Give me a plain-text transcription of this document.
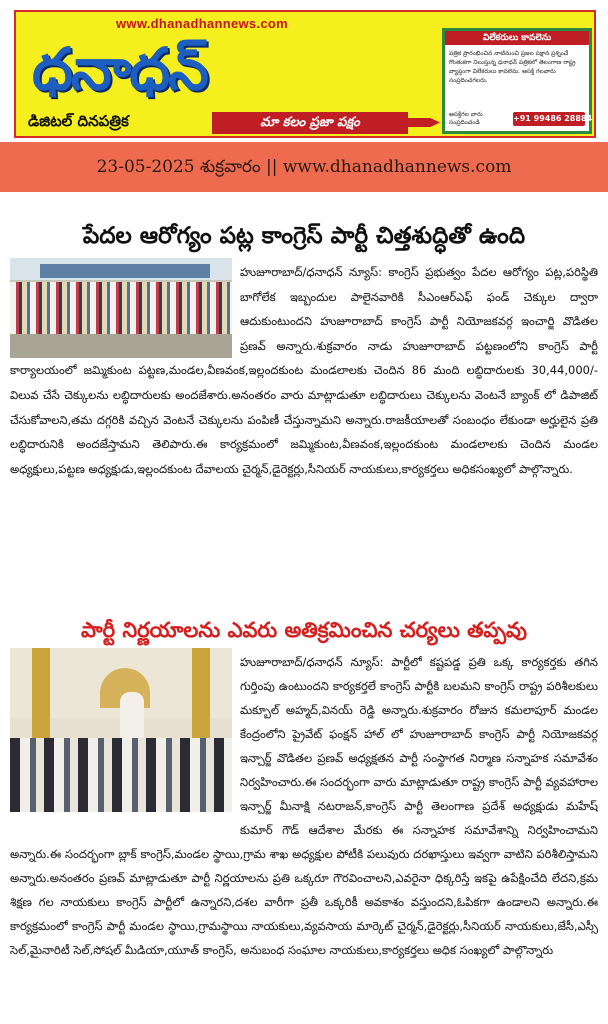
www.dhanadhannews.com
ధనాధన్
డిజిటల్ దినపత్రిక	మా కలం ప్రజా పక్షం
విలేకరులు కావలెను
పత్రిక ప్రారంభించిన నాటినుంచి ప్రజల పక్షాన ప్రశ్నించే గొంతుకగా నిలుస్తున్న ధనాధన్ పత్రికలో తెలంగాణ రాష్ట్ర వ్యాప్తంగా విలేకరులు కావలెను. ఆసక్తి గలవారు సంప్రదించగలరు.
ఆసక్తిగల వారు సంప్రదించండి	+91 99486 28884
23-05-2025 శుక్రవారం || www.dhanadhannews.com
పేదల ఆరోగ్యం పట్ల కాంగ్రెస్ పార్టీ చిత్తశుద్ధితో ఉంది

హుజూరాబాద్/ధనాధన్ న్యూస్: కాంగ్రెస్ ప్రభుత్వం పేదల ఆరోగ్యం పట్ల,పరిస్థితి బాగోలేక ఇబ్బందుల పాలైనవారికి సీఎంఆర్ఎఫ్ ఫండ్ చెక్కుల ద్వారా ఆదుకుంటుందని హుజూరాబాద్ కాంగ్రెస్ పార్టీ నియోజకవర్గ ఇంచార్జి వొడితల ప్రణవ్ అన్నారు.శుక్రవారం నాడు హుజూరాబాద్ పట్టణంలోని కాంగ్రెస్ పార్టీ కార్యాలయంలో జమ్మికుంట పట్టణ,మండల,వీణవంక,ఇల్లందకుంట మండలాలకు చెందిన 86 మంది లబ్ధిదారులకు 30,44,000/- విలువ చేసే చెక్కులను లబ్ధిదారులకు అందజేశారు.అనంతరం వారు మాట్లాడుతూ లబ్ధిదారులు చెక్కులను వెంటనే బ్యాంక్ లో డిపాజిట్ చేసుకోవాలని,తమ దగ్గరికి వచ్చిన వెంటనే చెక్కులను పంపిణీ చేస్తున్నామని అన్నారు.రాజకీయాలతో సంబంధం లేకుండా అర్హులైన ప్రతి లబ్ధిదారునికి అందజేస్తామని తెలిపారు.ఈ కార్యక్రమంలో జమ్మికుంట,వీణవంక,ఇల్లందకుంట మండలాలకు చెందిన మండల అధ్యక్షులు,పట్టణ అధ్యక్షుడు,ఇల్లందకుంట దేవాలయ చైర్మన్,డైరెక్టర్లు,సీనియర్ నాయకులు,కార్యకర్తలు అధికసంఖ్యలో పాల్గొన్నారు.

పార్టీ నిర్ణయాలను ఎవరు అతిక్రమించిన చర్యలు తప్పవు

హుజూరాబాద్/ధనాధన్ న్యూస్: పార్టీలో కష్టపడ్డ ప్రతి ఒక్క కార్యకర్తకు తగిన గుర్తింపు ఉంటుందని కార్యకర్తలే కాంగ్రెస్ పార్టీకి బలమని కాంగ్రెస్ రాష్ట్ర పరిశీలకులు మక్బూల్ అహ్మద్,వినయ్ రెడ్డి అన్నారు.శుక్రవారం రోజున కమలాపూర్ మండల కేంద్రంలోని ప్రైవేట్ ఫంక్షన్ హాల్ లో హుజూరాబాద్ కాంగ్రెస్ పార్టీ నియోజకవర్గ ఇన్చార్జ్ వొడితల ప్రణవ్ అధ్యక్షతన పార్టీ సంస్థాగత నిర్మాణ సన్నాహక సమావేశం నిర్వహించారు.ఈ సందర్భంగా వారు మాట్లాడుతూ రాష్ట్ర కాంగ్రెస్ పార్టీ వ్యవహారాల ఇన్చార్జ్ మీనాక్షి నటరాజన్,కాంగ్రెస్ పార్టీ తెలంగాణ ప్రదేశ్ అధ్యక్షుడు మహేష్ కుమార్ గౌడ్ ఆదేశాల మేరకు ఈ సన్నాహక సమావేశాన్ని నిర్వహించామని అన్నారు.ఈ సందర్భంగా బ్లాక్ కాంగ్రెస్,మండల స్థాయి,గ్రామ శాఖ అధ్యక్షుల పోటీకి పలువురు దరఖాస్తులు ఇవ్వగా వాటిని పరిశీలిస్తామని అన్నారు.అనంతరం ప్రణవ్ మాట్లాడుతూ పార్టీ నిర్ణయాలను ప్రతి ఒక్కరూ గౌరవించాలని,ఎవరైనా ధిక్కరిస్తే ఇకపై ఉపేక్షించేది లేదని,క్రమ శిక్షణ గల నాయకులు కాంగ్రెస్ పార్టీలో ఉన్నారని,దశల వారీగా ప్రతీ ఒక్కరికీ అవకాశం వస్తుందని,ఓపికగా ఉండాలని అన్నారు.ఈ కార్యక్రమంలో కాంగ్రెస్ పార్టీ మండల స్థాయి,గ్రామస్థాయి నాయకులు,వ్యవసాయ మార్కెట్ చైర్మన్,డైరెక్టర్లు,సీనియర్ నాయకులు,జేసీ,ఎస్సీ సెల్,మైనారిటీ సెల్,సోషల్ మీడియా,యూత్ కాంగ్రెస్, అనుబంధ సంఘాల నాయకులు,కార్యకర్తలు అధిక సంఖ్యలో పాల్గొన్నారు
